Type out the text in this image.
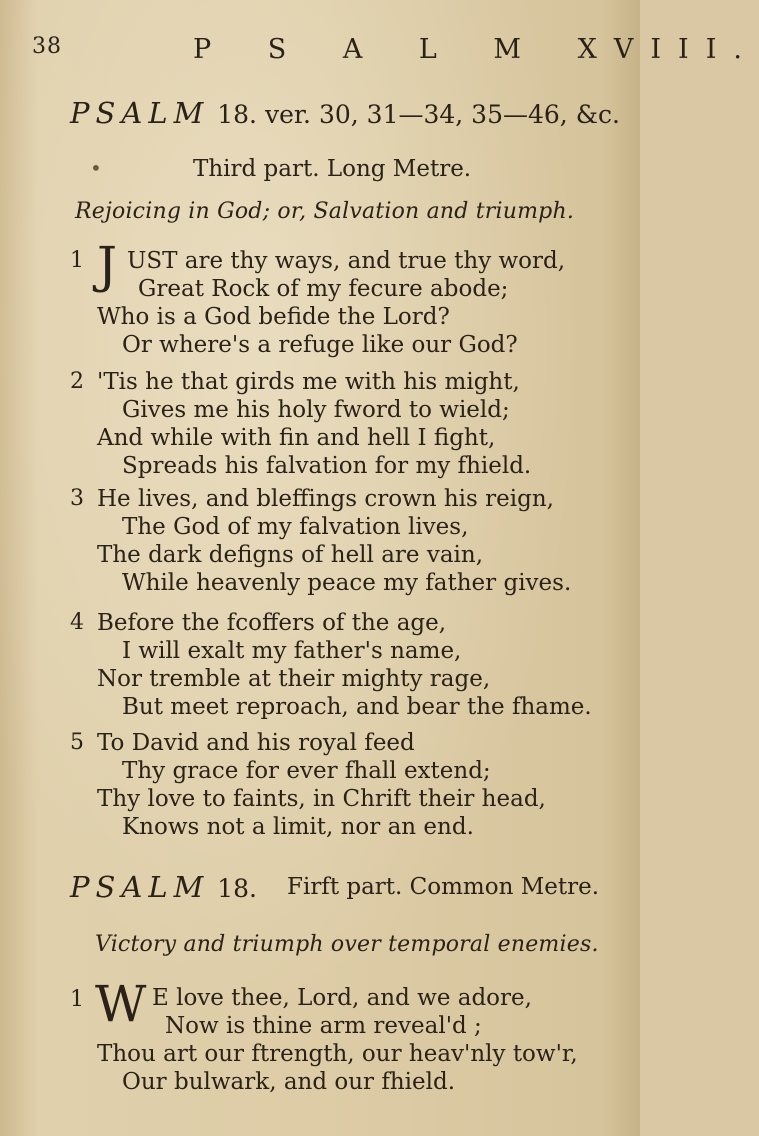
38	P S A L M XVIII.
PSALM 18. ver. 30, 31—34, 35—46, &c.
•	Third part. Long Metre.
Rejoicing in God; or, Salvation and triumph.
1 J UST are thy ways, and true thy word,
Great Rock of my fecure abode;
Who is a God befide the Lord?
Or where's a refuge like our God?
2 'Tis he that girds me with his might,
Gives me his holy fword to wield;
And while with fin and hell I fight,
Spreads his falvation for my fhield.
3 He lives, and bleffings crown his reign,
The God of my falvation lives,
The dark defigns of hell are vain,
While heavenly peace my father gives.
4 Before the fcoffers of the age,
I will exalt my father's name,
Nor tremble at their mighty rage,
But meet reproach, and bear the fhame.
5 To David and his royal feed
Thy grace for ever fhall extend;
Thy love to faints, in Chrift their head,
Knows not a limit, nor an end.
PSALM 18. Firft part. Common Metre.
Victory and triumph over temporal enemies.
1 W E love thee, Lord, and we adore,
Now is thine arm reveal'd ;
Thou art our ftrength, our heav'nly tow'r,
Our bulwark, and our fhield.
